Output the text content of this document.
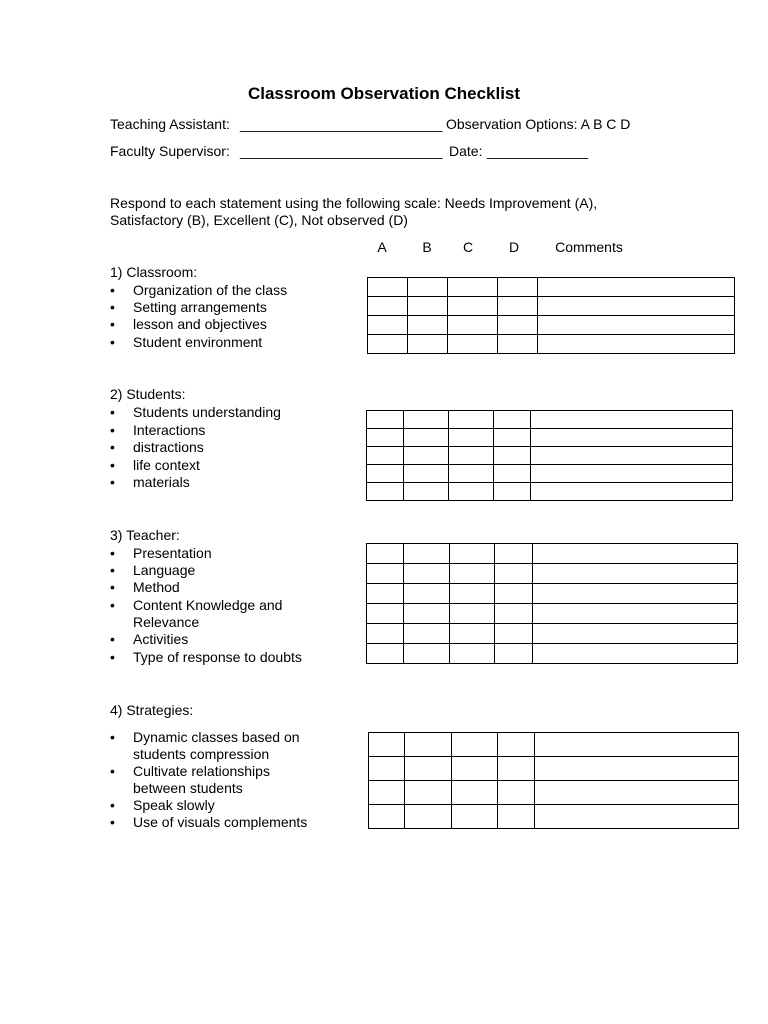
Classroom Observation Checklist
Teaching Assistant: __________________________ Observation Options: A B C D
Faculty Supervisor: __________________________ Date: _____________
Respond to each statement using the following scale: Needs Improvement (A),
Satisfactory (B), Excellent (C), Not observed (D)
A	B	C	D	Comments
1) Classroom:
• Organization of the class
• Setting arrangements
• lesson and objectives
• Student environment

2) Students:
• Students understanding
• Interactions
• distractions
• life context
• materials

3) Teacher:
• Presentation
• Language
• Method
• Content Knowledge and Relevance
• Activities
• Type of response to doubts

4) Strategies:
• Dynamic classes based on students compression
• Cultivate relationships between students
• Speak slowly
• Use of visuals complements
